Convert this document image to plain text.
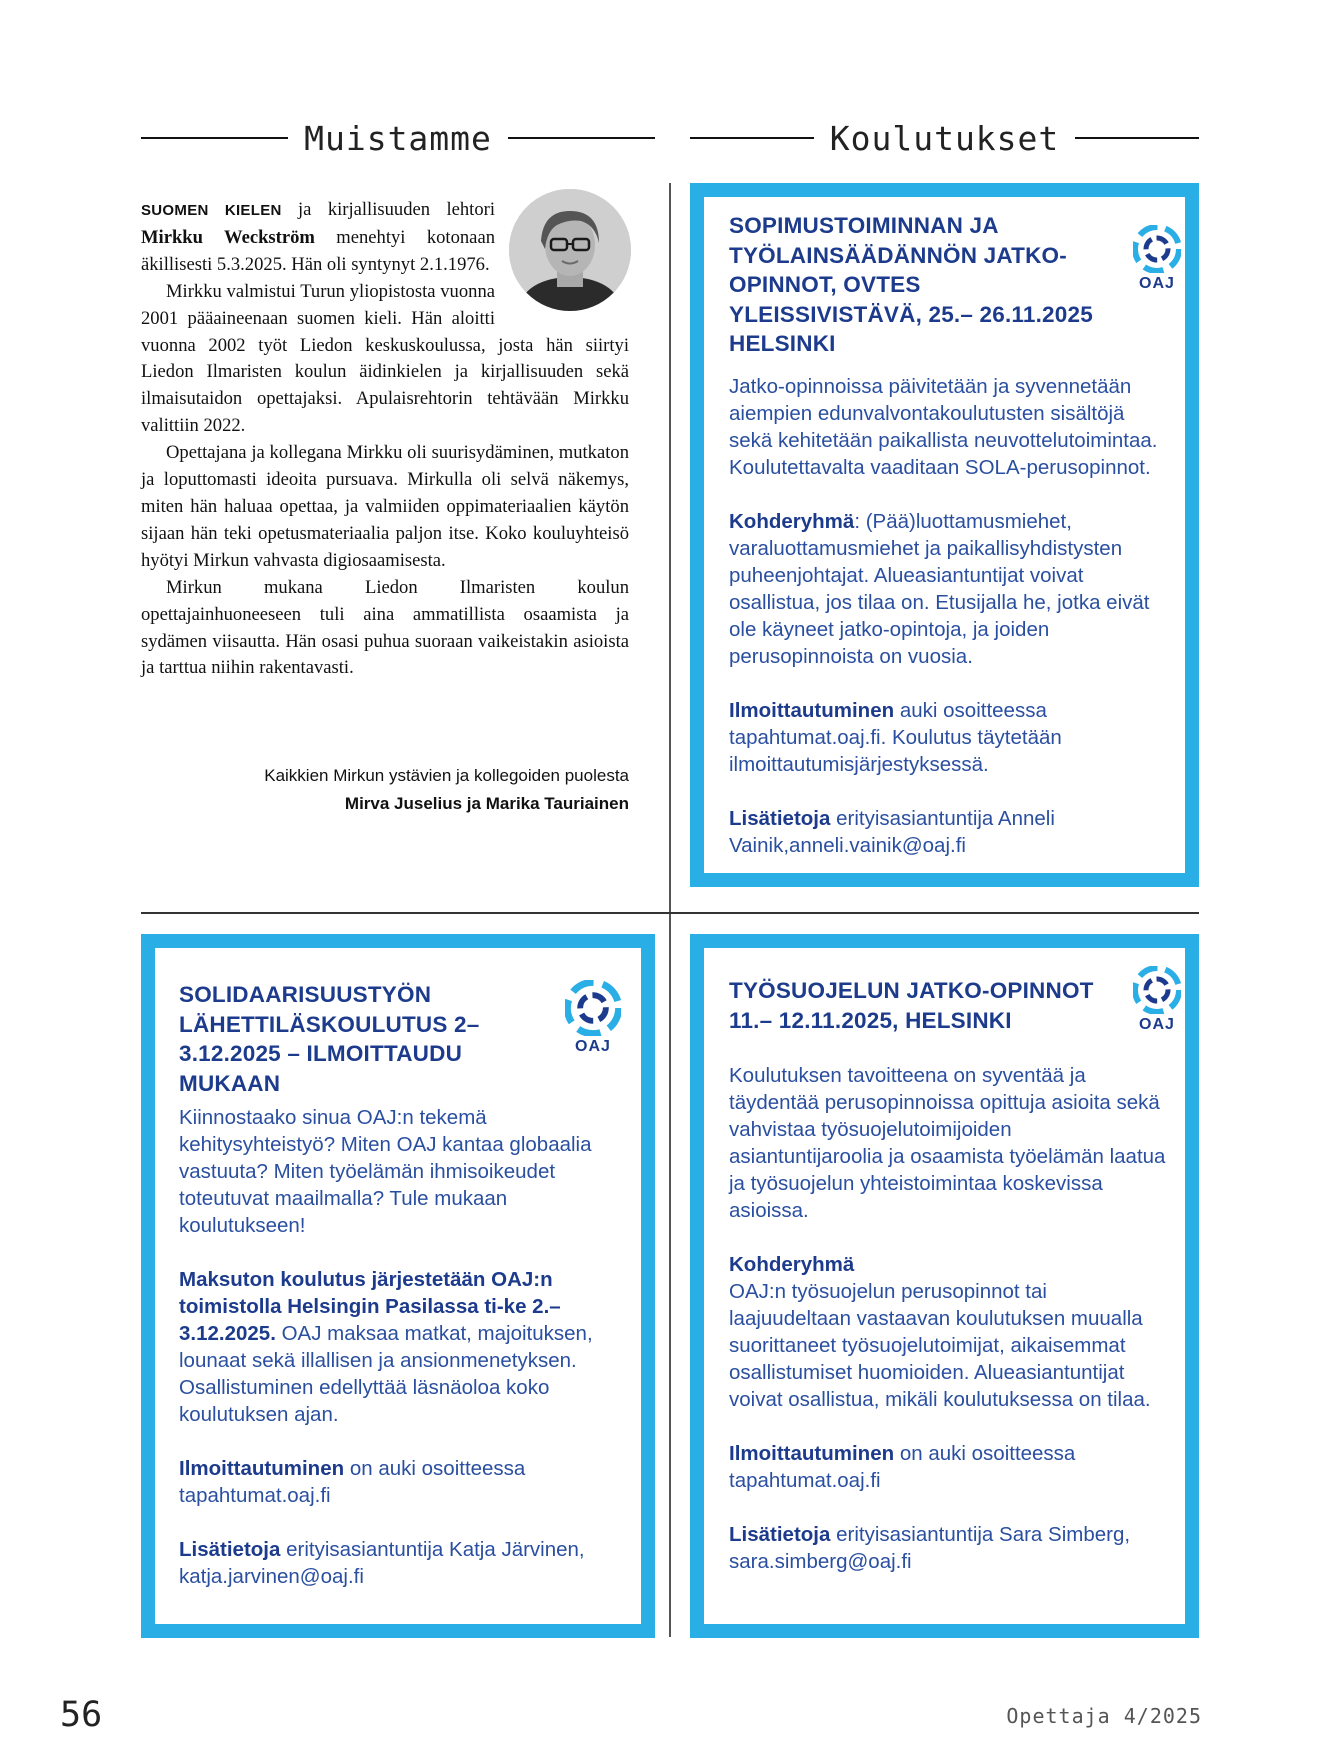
Muistamme	Koulutukset

SUOMEN KIELEN ja kirjallisuuden lehtori Mirkku Weckström menehtyi kotonaan äkillisesti 5.3.2025. Hän oli syntynyt 2.1.1976.

Mirkku valmistui Turun yliopistosta vuonna 2001 pääaineenaan suomen kieli. Hän aloitti vuonna 2002 työt Liedon keskuskoulussa, josta hän siirtyi Liedon Ilmaristen koulun äidinkielen ja kirjallisuuden sekä ilmaisutaidon opettajaksi. Apulaisrehtorin tehtävään Mirkku valittiin 2022.

Opettajana ja kollegana Mirkku oli suurisydäminen, mutkaton ja loputtomasti ideoita pursuava. Mirkulla oli selvä näkemys, miten hän haluaa opettaa, ja valmiiden oppimateriaalien käytön sijaan hän teki opetusmateriaalia paljon itse. Koko kouluyhteisö hyötyi Mirkun vahvasta digiosaamisesta.

Mirkun mukana Liedon Ilmaristen koulun opettajainhuoneeseen tuli aina ammatillista osaamista ja sydämen viisautta. Hän osasi puhua suoraan vaikeistakin asioista ja tarttua niihin rakentavasti.

Kaikkien Mirkun ystävien ja kollegoiden puolesta
Mirva Juselius ja Marika Tauriainen
OAJ
SOPIMUSTOIMINNAN JA TYÖLAINSÄÄDÄNNÖN JATKO-OPINNOT, OVTES YLEISSIVISTÄVÄ, 25.– 26.11.2025 HELSINKI

Jatko-opinnoissa päivitetään ja syvennetään aiempien edunvalvontakoulutusten sisältöjä sekä kehitetään paikallista neuvottelutoimintaa. Koulutettavalta vaaditaan SOLA-perusopinnot.

Kohderyhmä: (Pää)luottamusmiehet, varaluottamusmiehet ja paikallisyhdistysten puheenjohtajat. Alueasiantuntijat voivat osallistua, jos tilaa on. Etusijalla he, jotka eivät ole käyneet jatko-opintoja, ja joiden perusopinnoista on vuosia.

Ilmoittautuminen auki osoitteessa tapahtumat.oaj.fi. Koulutus täytetään ilmoittautumisjärjestyksessä.

Lisätietoja erityisasiantuntija Anneli Vainik,anneli.vainik@oaj.fi

OAJ
SOLIDAARISUUSTYÖN LÄHETTILÄSKOULUTUS 2–3.12.2025 – ILMOITTAUDU MUKAAN

Kiinnostaako sinua OAJ:n tekemä kehitysyhteistyö? Miten OAJ kantaa globaalia vastuuta? Miten työelämän ihmisoikeudet toteutuvat maailmalla? Tule mukaan koulutukseen!

Maksuton koulutus järjestetään OAJ:n toimistolla Helsingin Pasilassa ti-ke 2.–3.12.2025. OAJ maksaa matkat, majoituksen, lounaat sekä illallisen ja ansionmenetyksen. Osallistuminen edellyttää läsnäoloa koko koulutuksen ajan.

Ilmoittautuminen on auki osoitteessa tapahtumat.oaj.fi

Lisätietoja erityisasiantuntija Katja Järvinen, katja.jarvinen@oaj.fi

OAJ
TYÖSUOJELUN JATKO-OPINNOT 11.– 12.11.2025, HELSINKI

Koulutuksen tavoitteena on syventää ja täydentää perusopinnoissa opittuja asioita sekä vahvistaa työsuojelutoimijoiden asiantuntijaroolia ja osaamista työelämän laatua ja työsuojelun yhteistoimintaa koskevissa asioissa.

Kohderyhmä
OAJ:n työsuojelun perusopinnot tai laajuudeltaan vastaavan koulutuksen muualla suorittaneet työsuojelutoimijat, aikaisemmat osallistumiset huomioiden. Alueasiantuntijat voivat osallistua, mikäli koulutuksessa on tilaa.

Ilmoittautuminen on auki osoitteessa tapahtumat.oaj.fi

Lisätietoja erityisasiantuntija Sara Simberg, sara.simberg@oaj.fi

56	Opettaja 4/2025
